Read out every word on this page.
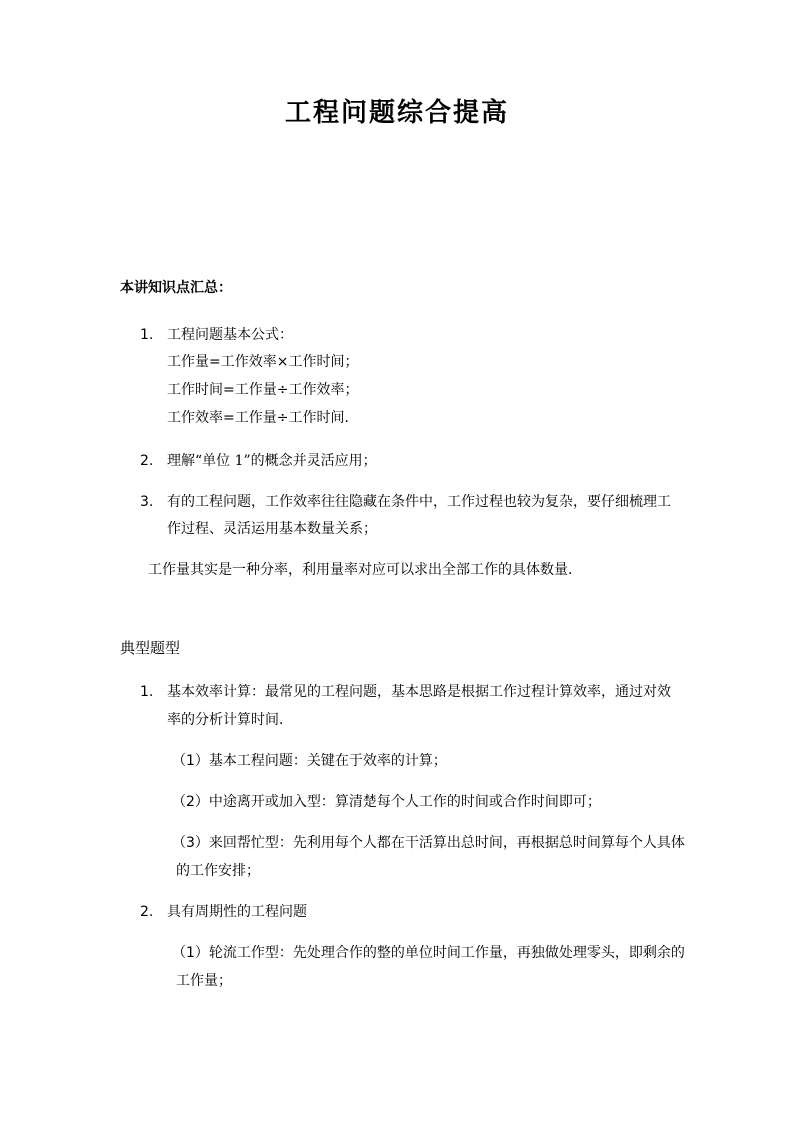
工程问题综合提高
本讲知识点汇总：
1. 工程问题基本公式：
工作量=工作效率×工作时间；
工作时间=工作量÷工作效率；
工作效率=工作量÷工作时间．
2. 理解“单位 1”的概念并灵活应用；
3. 有的工程问题，工作效率往往隐藏在条件中，工作过程也较为复杂，要仔细梳理工
作过程、灵活运用基本数量关系；
工作量其实是一种分率，利用量率对应可以求出全部工作的具体数量．
典型题型
1. 基本效率计算：最常见的工程问题，基本思路是根据工作过程计算效率，通过对效
率的分析计算时间．
（1）基本工程问题：关键在于效率的计算；
（2）中途离开或加入型：算清楚每个人工作的时间或合作时间即可；
（3）来回帮忙型：先利用每个人都在干活算出总时间，再根据总时间算每个人具体
的工作安排；
2. 具有周期性的工程问题
（1）轮流工作型：先处理合作的整的单位时间工作量，再独做处理零头，即剩余的
工作量；
